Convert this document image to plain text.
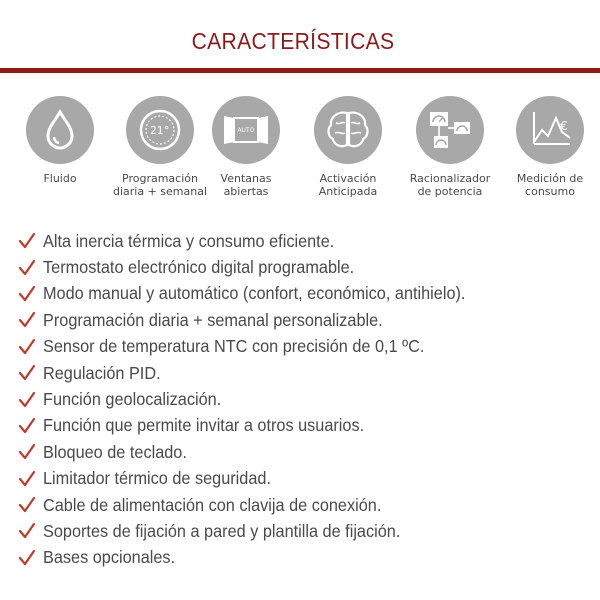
CARACTERÍSTICAS
Fluido
21°
Programación
diaria + semanal
AUTO
Ventanas
abiertas
Activación
Anticipada
Racionalizador
de potencia
€
Medición de
consumo
Alta inercia térmica y consumo eficiente.
Termostato electrónico digital programable.
Modo manual y automático (confort, económico, antihielo).
Programación diaria + semanal personalizable.
Sensor de temperatura NTC con precisión de 0,1 ºC.
Regulación PID.
Función geolocalización.
Función que permite invitar a otros usuarios.
Bloqueo de teclado.
Limitador térmico de seguridad.
Cable de alimentación con clavija de conexión.
Soportes de fijación a pared y plantilla de fijación.
Bases opcionales.
